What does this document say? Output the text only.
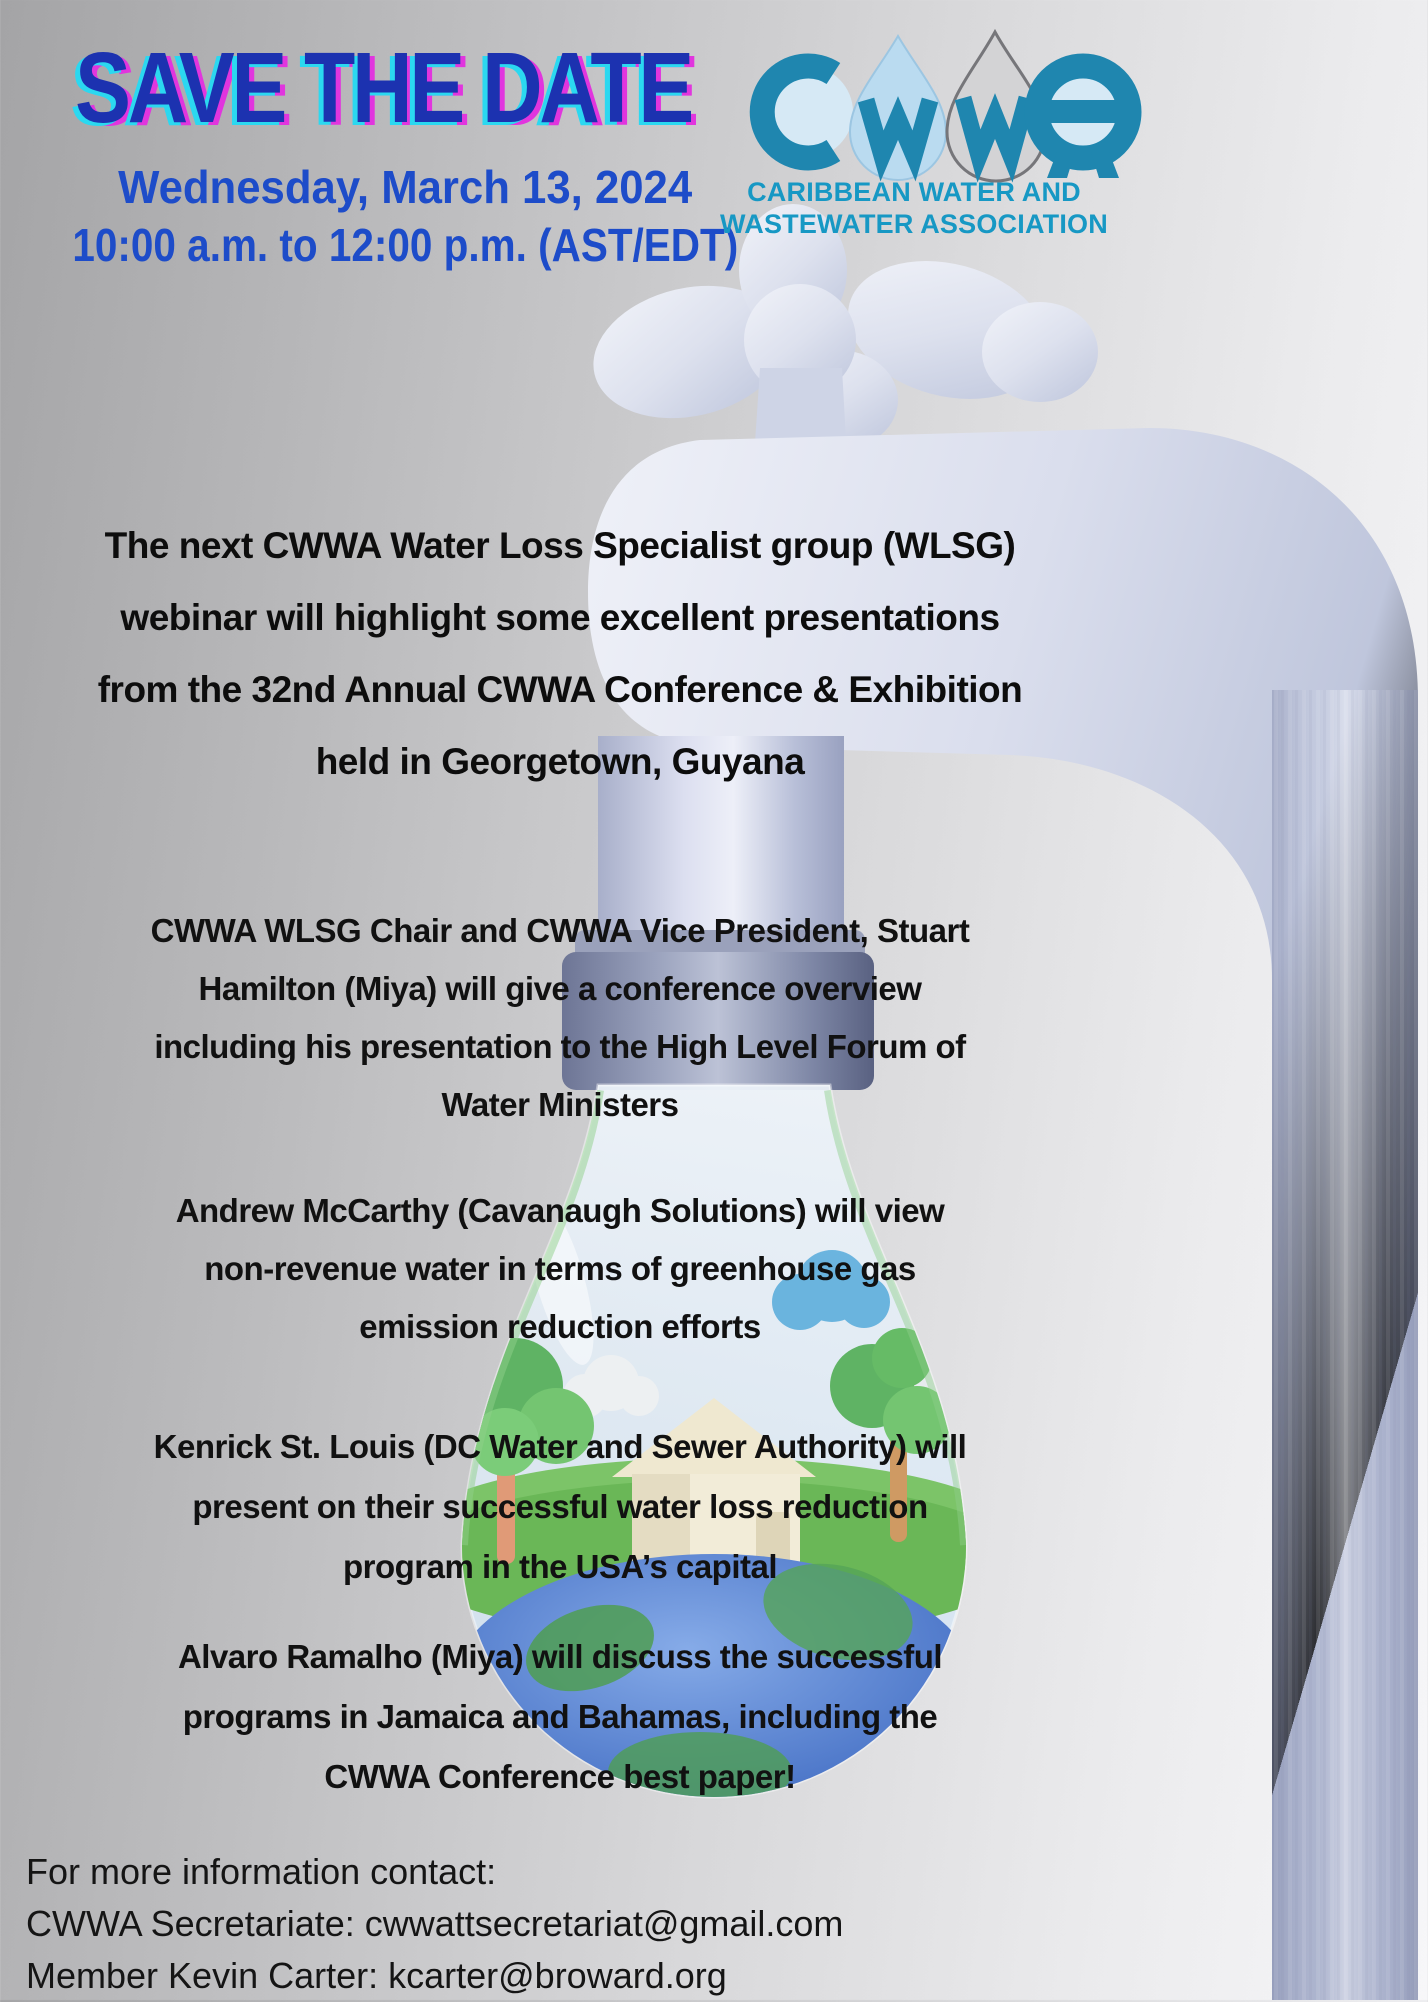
SAVE THE DATE
Wednesday, March 13, 2024
10:00 a.m. to 12:00 p.m. (AST/EDT)
CARIBBEAN WATER AND
WASTEWATER ASSOCIATION
The next CWWA Water Loss Specialist group (WLSG)
webinar will highlight some excellent presentations
from the 32nd Annual CWWA Conference & Exhibition
held in Georgetown, Guyana
CWWA WLSG Chair and CWWA Vice President, Stuart
Hamilton (Miya) will give a conference overview
including his presentation to the High Level Forum of
Water Ministers
Andrew McCarthy (Cavanaugh Solutions) will view
non-revenue water in terms of greenhouse gas
emission reduction efforts
Kenrick St. Louis (DC Water and Sewer Authority) will
present on their successful water loss reduction
program in the USA’s capital
Alvaro Ramalho (Miya) will discuss the successful
programs in Jamaica and Bahamas, including the
CWWA Conference best paper!
For more information contact:
CWWA Secretariate: cwwattsecretariat@gmail.com
Member Kevin Carter: kcarter@broward.org
